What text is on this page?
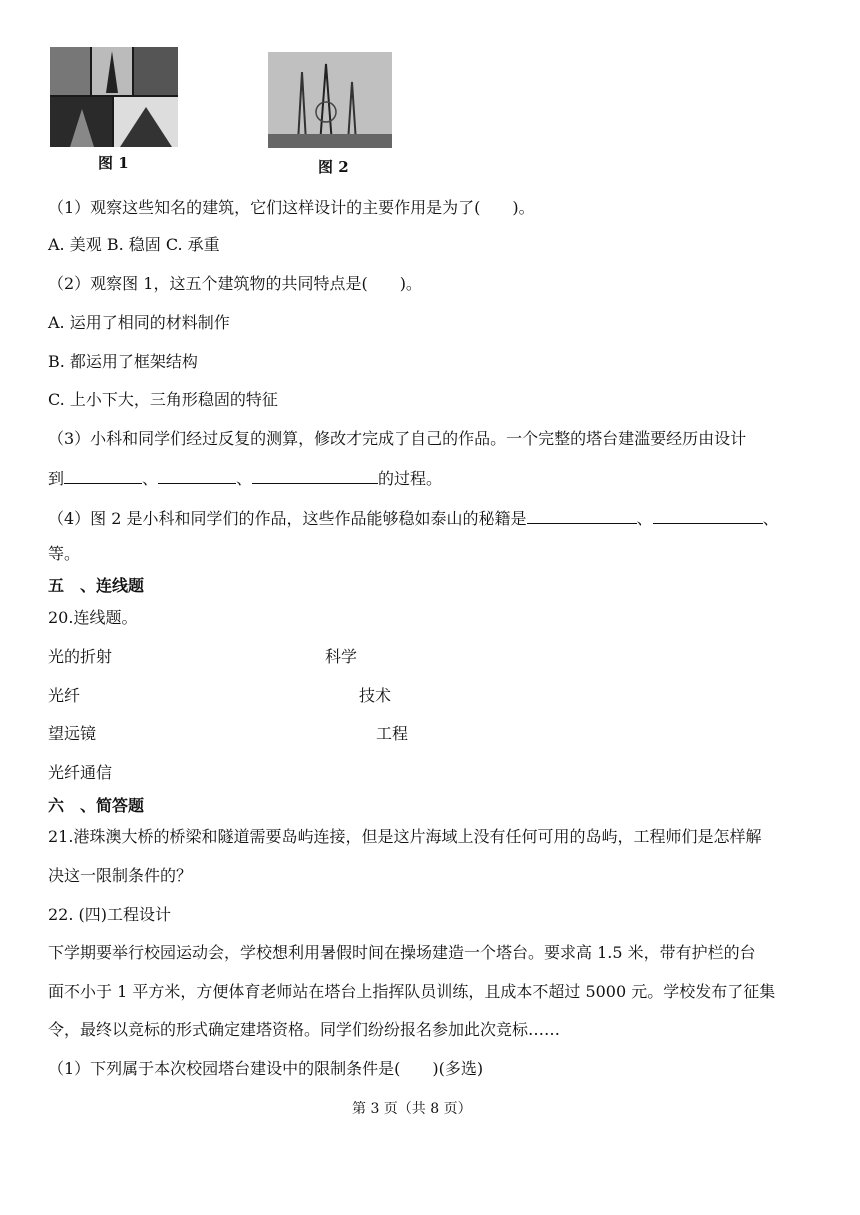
图 1	图 2
（1）观察这些知名的建筑，它们这样设计的主要作用是为了(　　)。
A. 美观 B. 稳固 C. 承重
（2）观察图 1，这五个建筑物的共同特点是(　　)。
A. 运用了相同的材料制作
B. 都运用了框架结构
C. 上小下大，三角形稳固的特征
（3）小科和同学们经过反复的测算，修改才完成了自己的作品。一个完整的塔台建滥要经历由设计
到	、	、	的过程。
（4）图 2 是小科和同学们的作品，这些作品能够稳如泰山的秘籍是	、	、
等。
五　、连线题
20.连线题。
光的折射	科学
光纤	技术
望远镜	工程
光纤通信
六　、简答题
21.港珠澳大桥的桥梁和隧道需要岛屿连接，但是这片海域上没有任何可用的岛屿，工程师们是怎样解
决这一限制条件的？
22. (四)工程设计
下学期要举行校园运动会，学校想利用暑假时间在操场建造一个塔台。要求高 1.5 米，带有护栏的台
面不小于 1 平方米，方便体育老师站在塔台上指挥队员训练，且成本不超过 5000 元。学校发布了征集
令，最终以竞标的形式确定建塔资格。同学们纷纷报名参加此次竞标……
（1）下列属于本次校园塔台建设中的限制条件是(　　)(多选)
第 3 页（共 8 页）
